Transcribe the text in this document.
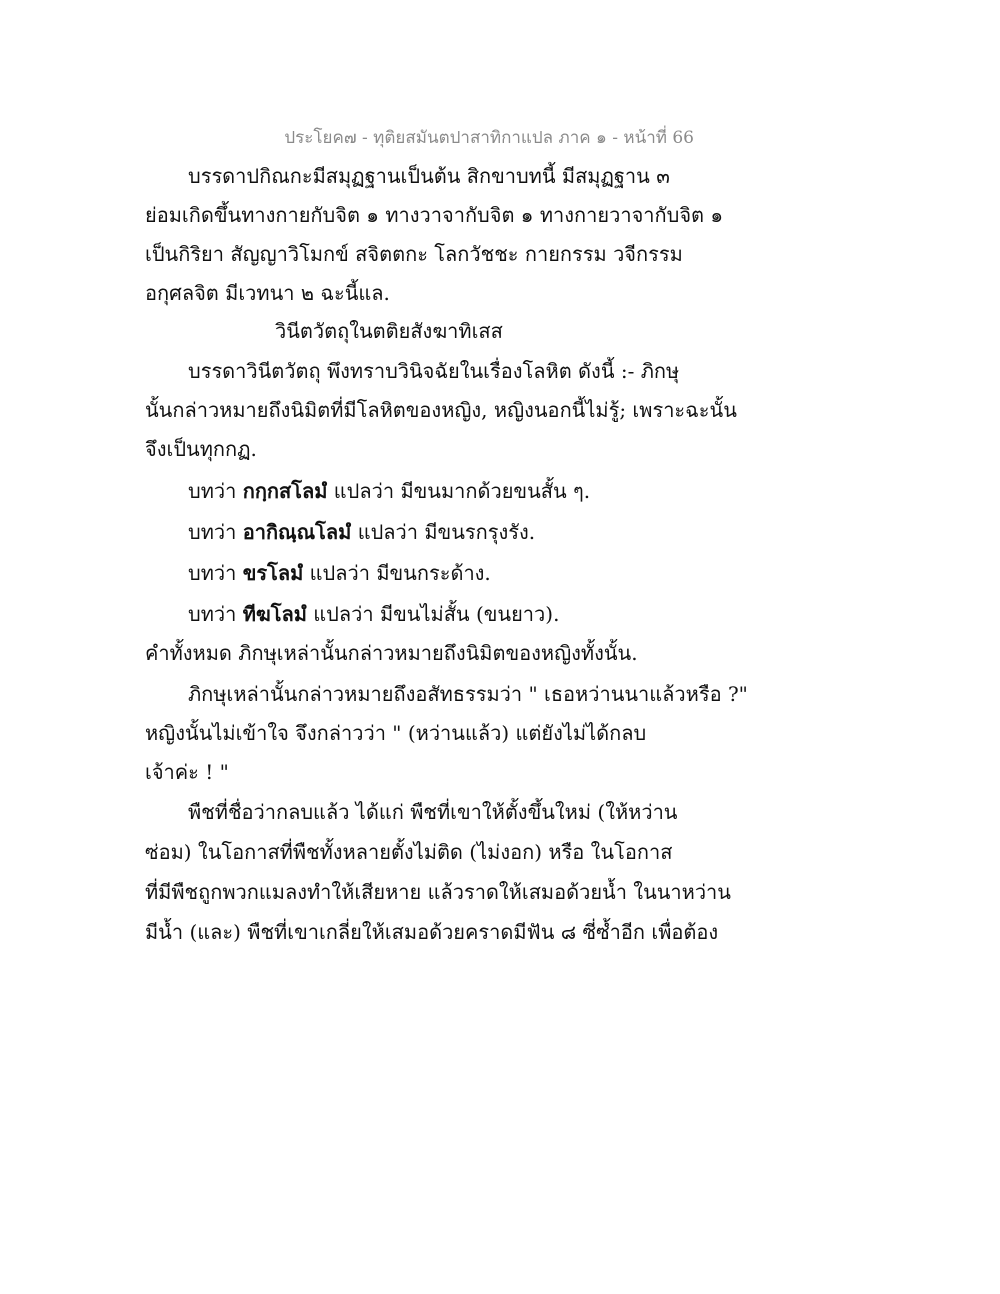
ประโยค๗ - ทุติยสมันตปาสาทิกาแปล ภาค ๑ - หน้าที่ 66
บรรดาปกิณกะมีสมุฏฐานเป็นต้น สิกขาบทนี้ มีสมุฏฐาน ๓
ย่อมเกิดขึ้นทางกายกับจิต ๑ ทางวาจากับจิต ๑ ทางกายวาจากับจิต ๑
เป็นกิริยา สัญญาวิโมกข์ สจิตตกะ โลกวัชชะ กายกรรม วจีกรรม
อกุศลจิต มีเวทนา ๒ ฉะนี้แล.
วินีตวัตถุในตติยสังฆาทิเสส
บรรดาวินีตวัตถุ พึงทราบวินิจฉัยในเรื่องโลหิต ดังนี้ :- ภิกษุ
นั้นกล่าวหมายถึงนิมิตที่มีโลหิตของหญิง, หญิงนอกนี้ไม่รู้; เพราะฉะนั้น
จึงเป็นทุกกฏ.
บทว่า กกฺกสโลมํ แปลว่า มีขนมากด้วยขนสั้น ๆ.
บทว่า อากิณฺณโลมํ แปลว่า มีขนรกรุงรัง.
บทว่า ขรโลมํ แปลว่า มีขนกระด้าง.
บทว่า ทีฆโลมํ แปลว่า มีขนไม่สั้น (ขนยาว).
คำทั้งหมด ภิกษุเหล่านั้นกล่าวหมายถึงนิมิตของหญิงทั้งนั้น.
ภิกษุเหล่านั้นกล่าวหมายถึงอสัทธรรมว่า " เธอหว่านนาแล้วหรือ ?"
หญิงนั้นไม่เข้าใจ จึงกล่าวว่า " (หว่านแล้ว) แต่ยังไม่ได้กลบ
เจ้าค่ะ ! "
พืชที่ชื่อว่ากลบแล้ว ได้แก่ พืชที่เขาให้ตั้งขึ้นใหม่ (ให้หว่าน
ซ่อม) ในโอกาสที่พืชทั้งหลายตั้งไม่ติด (ไม่งอก) หรือ ในโอกาส
ที่มีพืชถูกพวกแมลงทำให้เสียหาย แล้วราดให้เสมอด้วยน้ำ ในนาหว่าน
มีน้ำ (และ) พืชที่เขาเกลี่ยให้เสมอด้วยคราดมีฟัน ๘ ซี่ซ้ำอีก เพื่อต้อง
